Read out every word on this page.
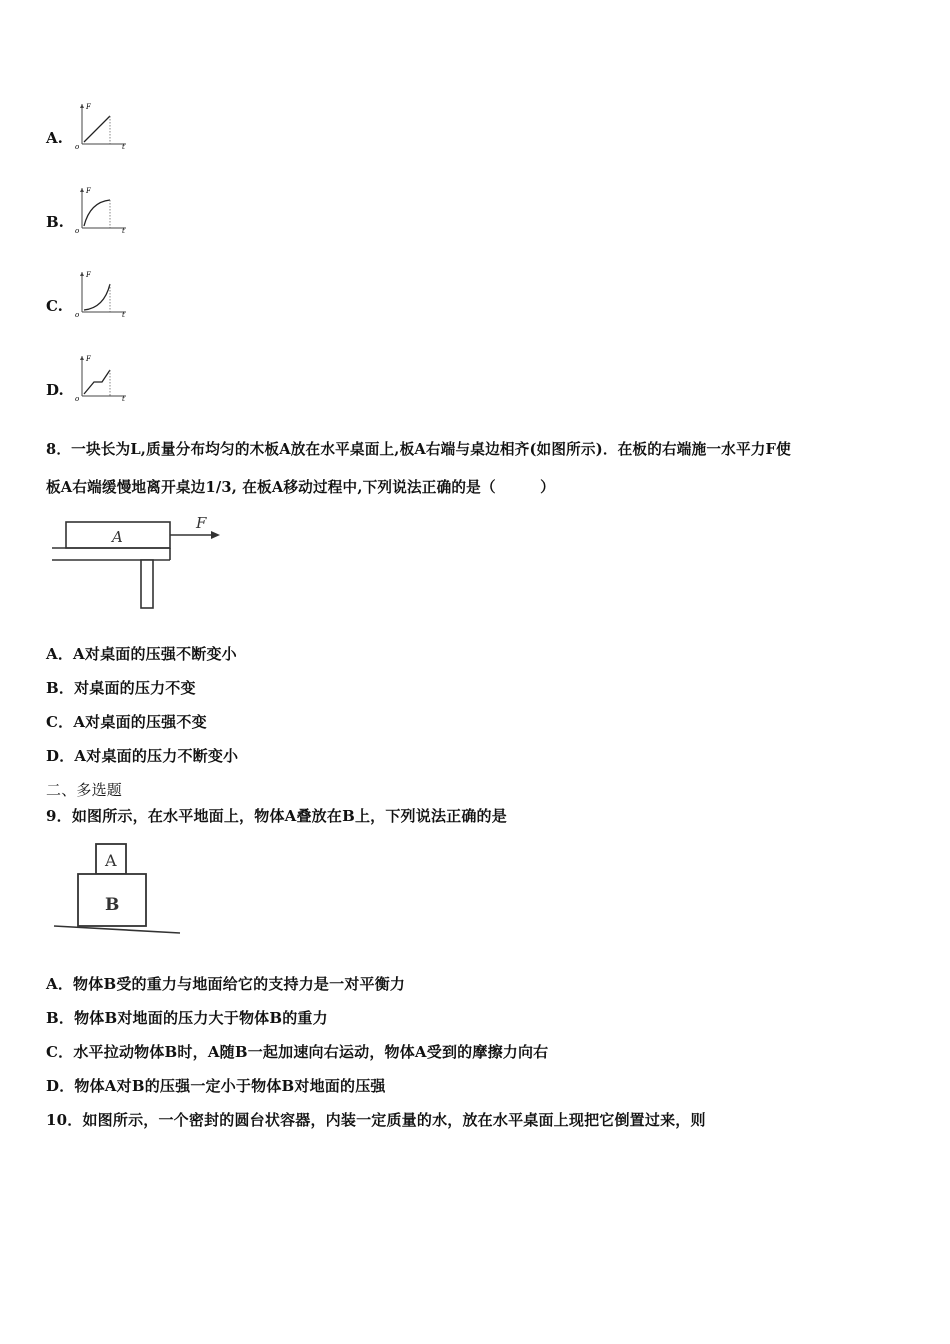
A.
F
t
o
B.
F
t
o
C.
F
t
o
D.
F
t
o
8．一块长为L,质量分布均匀的木板A放在水平桌面上,板A右端与桌边相齐(如图所示)．在板的右端施一水平力F使
板A右端缓慢地离开桌边1/3, 在板A移动过程中,下列说法正确的是（　　　）
A
F
A．A对桌面的压强不断变小
B．对桌面的压力不变
C．A对桌面的压强不变
D．A对桌面的压力不断变小
二、多选题
9．如图所示，在水平地面上，物体A叠放在B上，下列说法正确的是
A
B
A．物体B受的重力与地面给它的支持力是一对平衡力
B．物体B对地面的压力大于物体B的重力
C．水平拉动物体B时，A随B一起加速向右运动，物体A受到的摩擦力向右
D．物体A对B的压强一定小于物体B对地面的压强
10．如图所示，一个密封的圆台状容器，内装一定质量的水，放在水平桌面上现把它倒置过来，则
